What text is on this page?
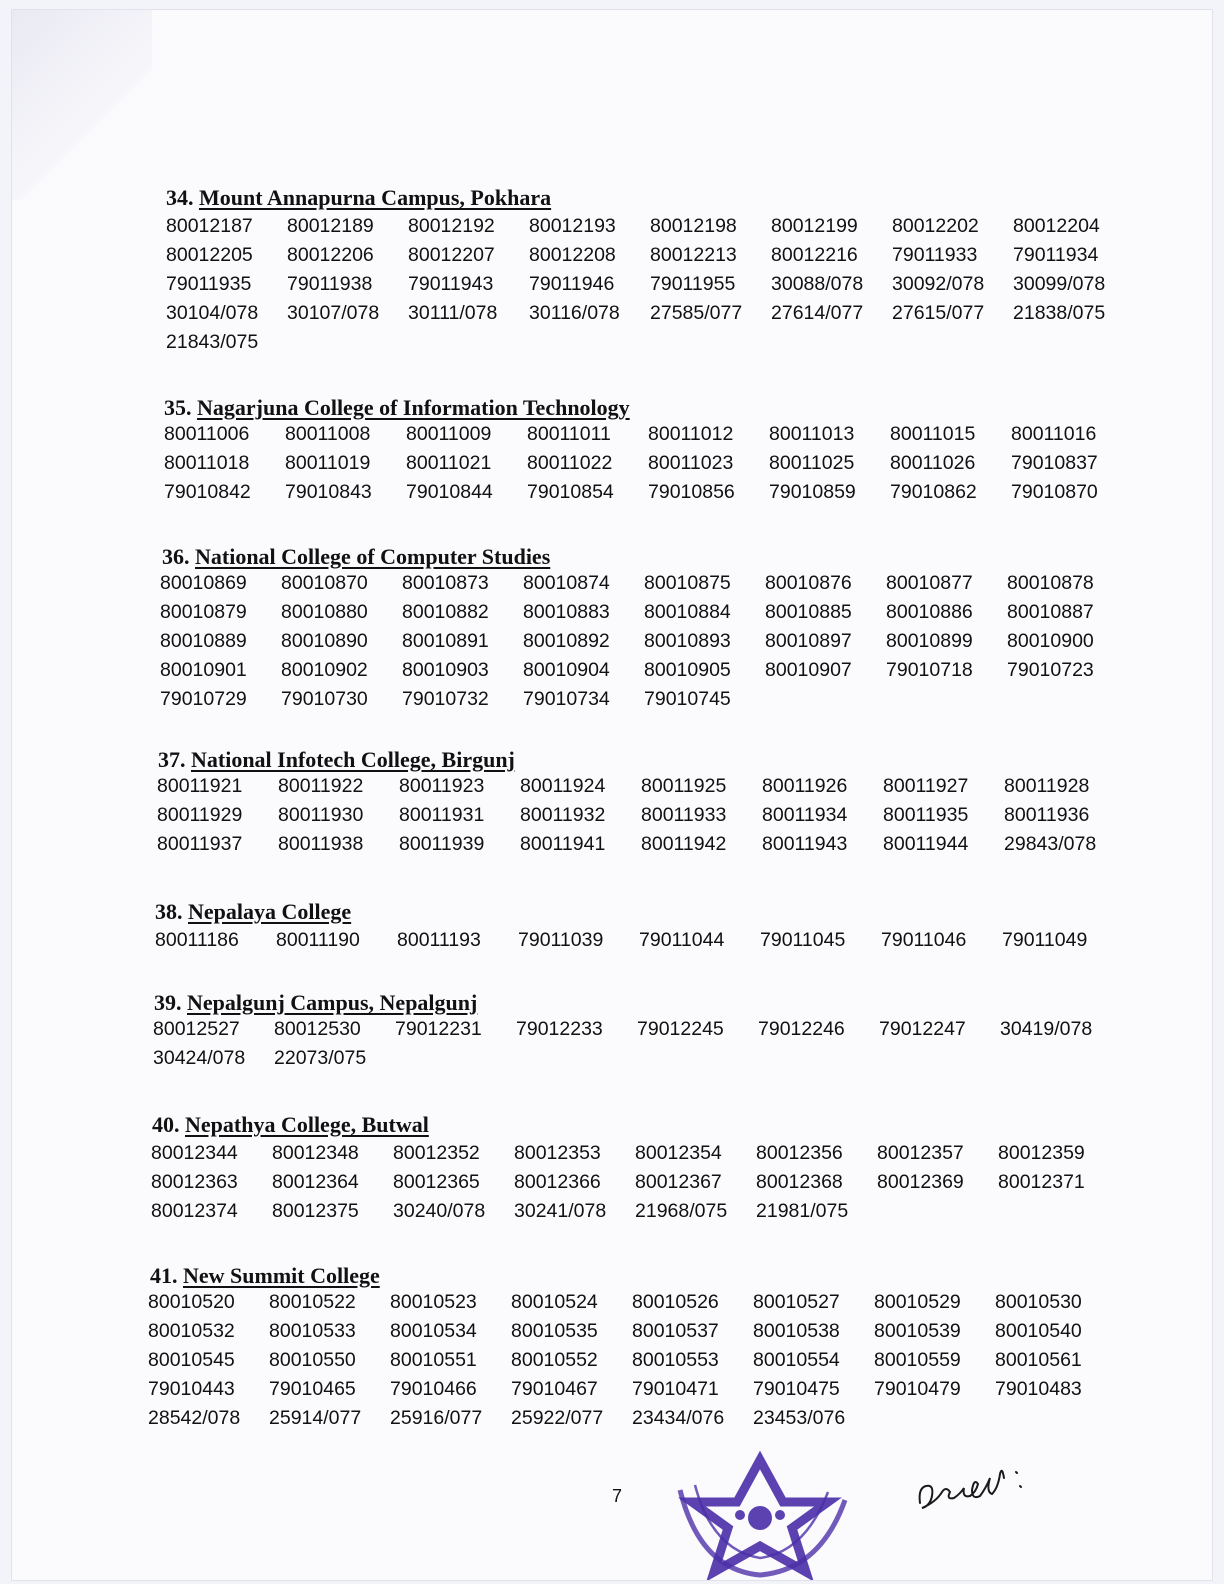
34. Mount Annapurna Campus, Pokhara
80012187	80012189	80012192	80012193	80012198	80012199	80012202	80012204
80012205	80012206	80012207	80012208	80012213	80012216	79011933	79011934
79011935	79011938	79011943	79011946	79011955	30088/078	30092/078	30099/078
30104/078	30107/078	30111/078	30116/078	27585/077	27614/077	27615/077	21838/075
21843/075
35. Nagarjuna College of Information Technology
80011006	80011008	80011009	80011011	80011012	80011013	80011015	80011016
80011018	80011019	80011021	80011022	80011023	80011025	80011026	79010837
79010842	79010843	79010844	79010854	79010856	79010859	79010862	79010870
36. National College of Computer Studies
80010869	80010870	80010873	80010874	80010875	80010876	80010877	80010878
80010879	80010880	80010882	80010883	80010884	80010885	80010886	80010887
80010889	80010890	80010891	80010892	80010893	80010897	80010899	80010900
80010901	80010902	80010903	80010904	80010905	80010907	79010718	79010723
79010729	79010730	79010732	79010734	79010745
37. National Infotech College, Birgunj
80011921	80011922	80011923	80011924	80011925	80011926	80011927	80011928
80011929	80011930	80011931	80011932	80011933	80011934	80011935	80011936
80011937	80011938	80011939	80011941	80011942	80011943	80011944	29843/078
38. Nepalaya College
80011186	80011190	80011193	79011039	79011044	79011045	79011046	79011049
39. Nepalgunj Campus, Nepalgunj
80012527	80012530	79012231	79012233	79012245	79012246	79012247	30419/078
30424/078	22073/075
40. Nepathya College, Butwal
80012344	80012348	80012352	80012353	80012354	80012356	80012357	80012359
80012363	80012364	80012365	80012366	80012367	80012368	80012369	80012371
80012374	80012375	30240/078	30241/078	21968/075	21981/075
41. New Summit College
80010520	80010522	80010523	80010524	80010526	80010527	80010529	80010530
80010532	80010533	80010534	80010535	80010537	80010538	80010539	80010540
80010545	80010550	80010551	80010552	80010553	80010554	80010559	80010561
79010443	79010465	79010466	79010467	79010471	79010475	79010479	79010483
28542/078	25914/077	25916/077	25922/077	23434/076	23453/076
7
